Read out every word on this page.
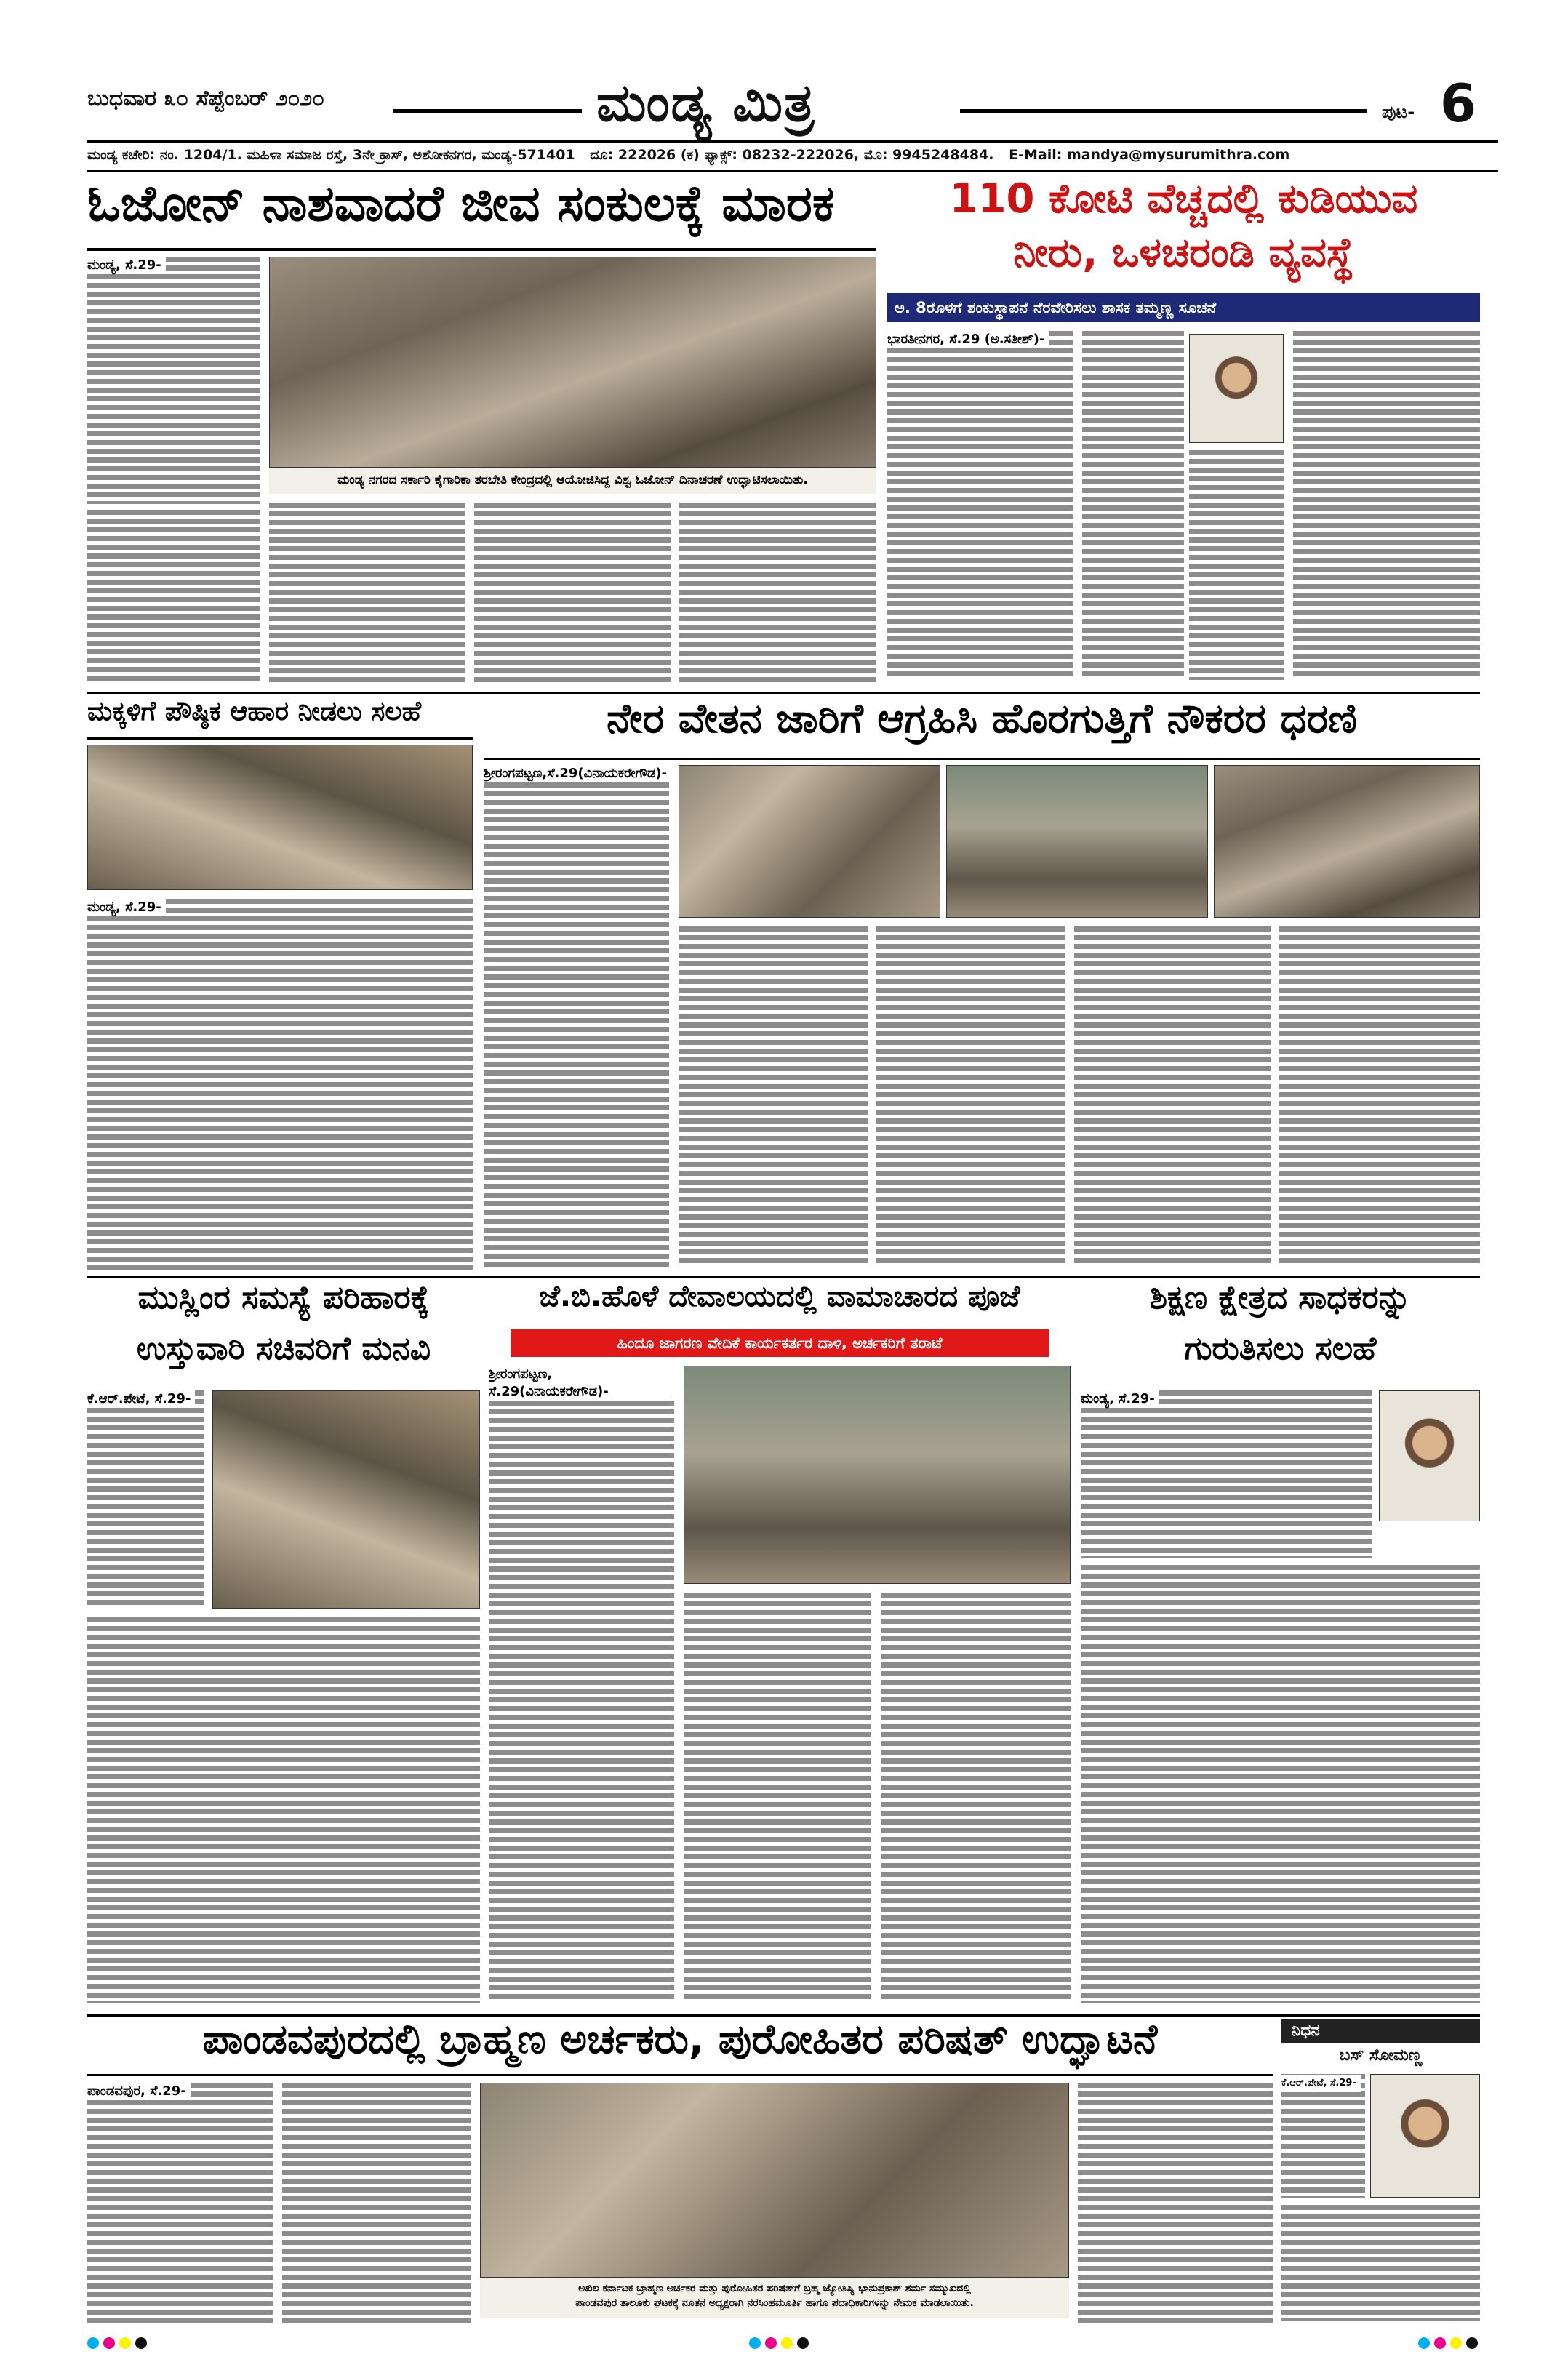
ಬುಧವಾರ ೩೦ ಸೆಪ್ಟೆಂಬರ್ ೨೦೨೦	ಮಂಡ್ಯ ಮಿತ್ರ	ಪುಟ- 6
ಮಂಡ್ಯ ಕಚೇರಿ: ನಂ. 1204/1. ಮಹಿಳಾ ಸಮಾಜ ರಸ್ತೆ, 3ನೇ ಕ್ರಾಸ್, ಅಶೋಕನಗರ, ಮಂಡ್ಯ-571401 ದೂ: 222026 (ಕ) ಫ್ಯಾಕ್ಸ್: 08232-222026, ಮೊ: 9945248484. E-Mail: mandya@mysurumithra.com
ಓಜೋನ್ ನಾಶವಾದರೆ ಜೀವ ಸಂಕುಲಕ್ಕೆ ಮಾರಕ
ಮಂಡ್ಯ, ಸೆ.29-
ಮಂಡ್ಯ ನಗರದ ಸರ್ಕಾರಿ ಕೈಗಾರಿಕಾ ತರಬೇತಿ ಕೇಂದ್ರದಲ್ಲಿ ಆಯೋಜಿಸಿದ್ದ ವಿಶ್ವ ಓಜೋನ್ ದಿನಾಚರಣೆ ಉದ್ಘಾಟಿಸಲಾಯಿತು.
110 ಕೋಟಿ ವೆಚ್ಚದಲ್ಲಿ ಕುಡಿಯುವ
ನೀರು, ಒಳಚರಂಡಿ ವ್ಯವಸ್ಥೆ
ಅ. 8ರೊಳಗೆ ಶಂಕುಸ್ಥಾಪನೆ ನೆರವೇರಿಸಲು ಶಾಸಕ ತಮ್ಮಣ್ಣ ಸೂಚನೆ
ಭಾರತೀನಗರ, ಸೆ.29 (ಅ.ಸತೀಶ್)-
ಮಕ್ಕಳಿಗೆ ಪೌಷ್ಠಿಕ ಆಹಾರ ನೀಡಲು ಸಲಹೆ
ಮಂಡ್ಯ, ಸೆ.29-
ನೇರ ವೇತನ ಜಾರಿಗೆ ಆಗ್ರಹಿಸಿ ಹೊರಗುತ್ತಿಗೆ ನೌಕರರ ಧರಣಿ
ಶ್ರೀರಂಗಪಟ್ಟಣ,ಸೆ.29(ವಿನಾಯಕರೇಗೌಡ)-
ಮುಸ್ಲಿಂರ ಸಮಸ್ಯೆ ಪರಿಹಾರಕ್ಕೆ
ಉಸ್ತುವಾರಿ ಸಚಿವರಿಗೆ ಮನವಿ
ಕೆ.ಆರ್.ಪೇಟೆ, ಸೆ.29-
ಜೆ.ಬಿ.ಹೊಳೆ ದೇವಾಲಯದಲ್ಲಿ ವಾಮಾಚಾರದ ಪೂಜೆ
ಹಿಂದೂ ಜಾಗರಣ ವೇದಿಕೆ ಕಾರ್ಯಕರ್ತರ ದಾಳಿ, ಅರ್ಚಕರಿಗೆ ತರಾಟೆ
ಶ್ರೀರಂಗಪಟ್ಟಣ, ಸೆ.29(ವಿನಾಯಕರೇಗೌಡ)-
ಶಿಕ್ಷಣ ಕ್ಷೇತ್ರದ ಸಾಧಕರನ್ನು
ಗುರುತಿಸಲು ಸಲಹೆ
ಮಂಡ್ಯ, ಸೆ.29-
ಪಾಂಡವಪುರದಲ್ಲಿ ಬ್ರಾಹ್ಮಣ ಅರ್ಚಕರು, ಪುರೋಹಿತರ ಪರಿಷತ್ ಉದ್ಘಾಟನೆ
ಪಾಂಡವಪುರ, ಸೆ.29-
ಅಖಿಲ ಕರ್ನಾಟಕ ಬ್ರಾಹ್ಮಣ ಅರ್ಚಕರ ಮತ್ತು ಪುರೋಹಿತರ ಪರಿಷತ್‌ಗೆ ಬ್ರಹ್ಮ ಜ್ಯೋತಿಷ್ಯಿ ಭಾನುಪ್ರಕಾಶ್ ಶರ್ಮ ಸಮ್ಮುಖದಲ್ಲಿ
ಪಾಂಡವಪುರ ತಾಲೂಕು ಘಟಕಕ್ಕೆ ನೂತನ ಅಧ್ಯಕ್ಷರಾಗಿ ನರಸಿಂಹಮೂರ್ತಿ ಹಾಗೂ ಪದಾಧಿಕಾರಿಗಳನ್ನು ನೇಮಕ ಮಾಡಲಾಯಿತು.
ನಿಧನ
ಬಸ್ ಸೋಮಣ್ಣ
ಕೆ.ಆರ್.ಪೇಟೆ, ಸೆ.29-
